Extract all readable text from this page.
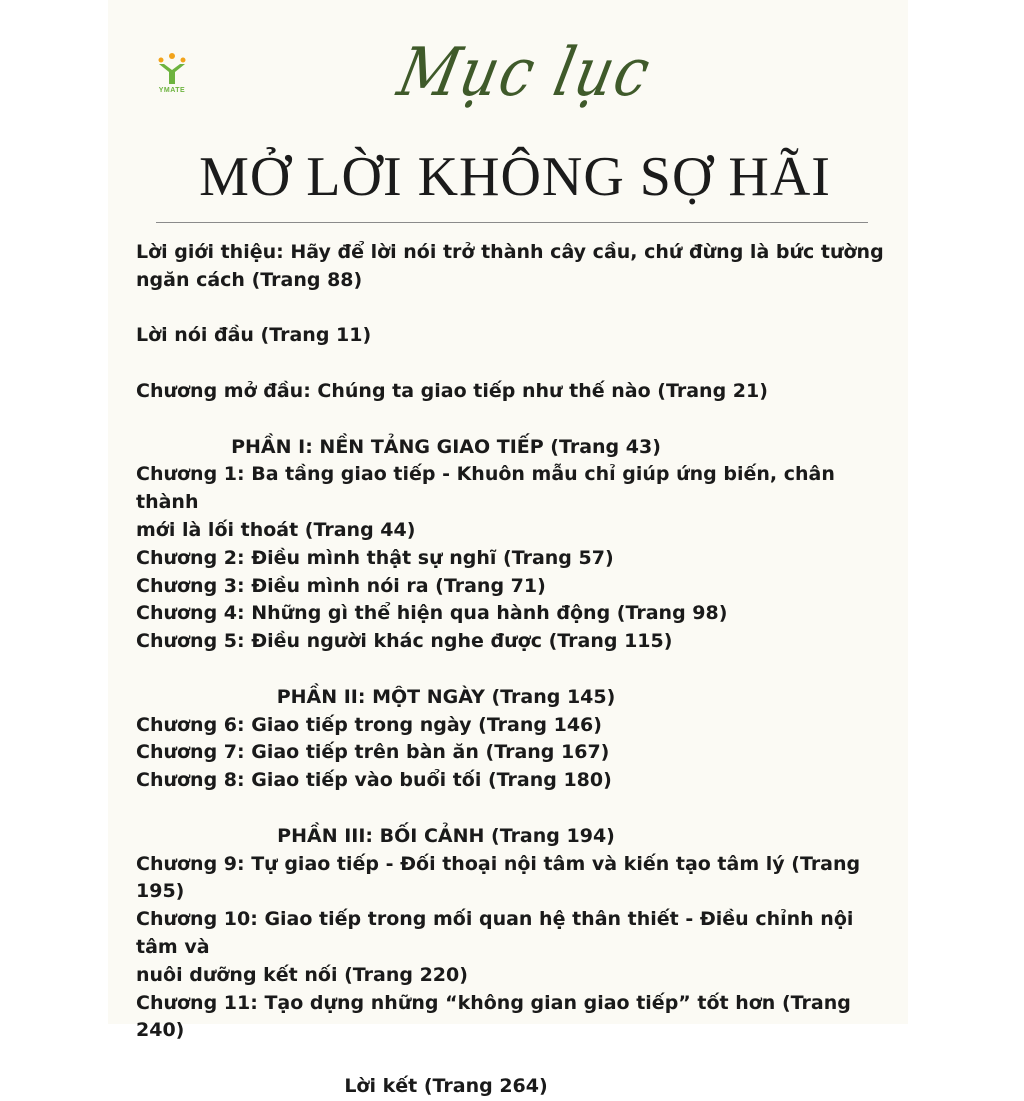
YMATE	Mục lục
MỞ LỜI KHÔNG SỢ HÃI

Lời giới thiệu: Hãy để lời nói trở thành cây cầu, chứ đừng là bức tường

ngăn cách (Trang 88)

Lời nói đầu (Trang 11)

Chương mở đầu: Chúng ta giao tiếp như thế nào (Trang 21)

PHẦN I: NỀN TẢNG GIAO TIẾP (Trang 43)

Chương 1: Ba tầng giao tiếp - Khuôn mẫu chỉ giúp ứng biến, chân thành

mới là lối thoát (Trang 44)

Chương 2: Điều mình thật sự nghĩ (Trang 57)

Chương 3: Điều mình nói ra (Trang 71)

Chương 4: Những gì thể hiện qua hành động (Trang 98)

Chương 5: Điều người khác nghe được (Trang 115)

PHẦN II: MỘT NGÀY (Trang 145)

Chương 6: Giao tiếp trong ngày (Trang 146)

Chương 7: Giao tiếp trên bàn ăn (Trang 167)

Chương 8: Giao tiếp vào buổi tối (Trang 180)

PHẦN III: BỐI CẢNH (Trang 194)

Chương 9: Tự giao tiếp - Đối thoại nội tâm và kiến tạo tâm lý (Trang 195)

Chương 10: Giao tiếp trong mối quan hệ thân thiết - Điều chỉnh nội tâm và

nuôi dưỡng kết nối (Trang 220)

Chương 11: Tạo dựng những “không gian giao tiếp” tốt hơn (Trang 240)

Lời kết (Trang 264)
